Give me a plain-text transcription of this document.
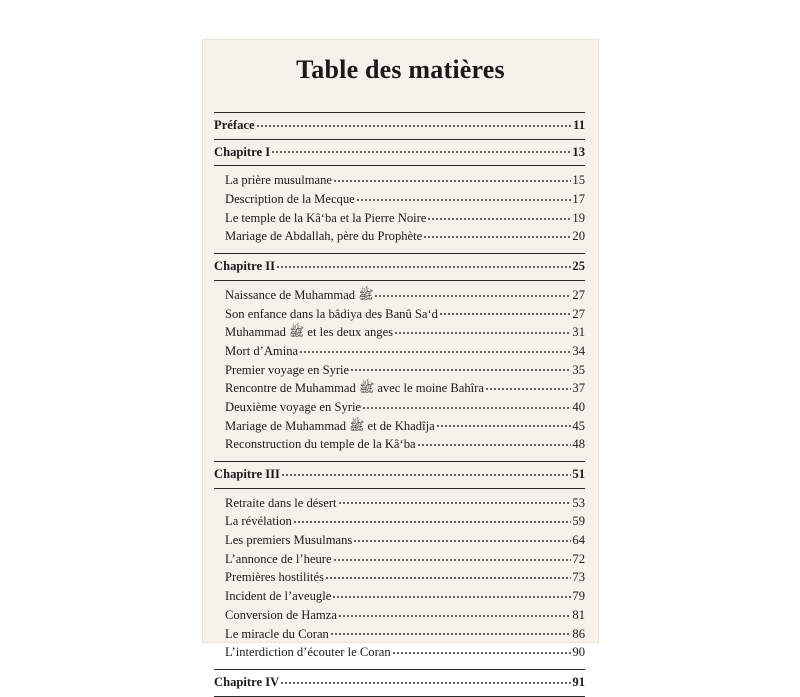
Table des matières
Préface	11
Chapitre I	13
La prière musulmane	15
Description de la Mecque	17
Le temple de la Kâ‘ba et la Pierre Noire	19
Mariage de Abdallah, père du Prophète	20
Chapitre II	25
Naissance de Muhammad ﷺ	27
Son enfance dans la bâdiya des Banû Sa‘d	27
Muhammad ﷺ et les deux anges	31
Mort d’Amina	34
Premier voyage en Syrie	35
Rencontre de Muhammad ﷺ avec le moine Bahîra	37
Deuxième voyage en Syrie	40
Mariage de Muhammad ﷺ et de Khadîja	45
Reconstruction du temple de la Kâ‘ba	48
Chapitre III	51
Retraite dans le désert	53
La révélation	59
Les premiers Musulmans	64
L’annonce de l’heure	72
Premières hostilités	73
Incident de l’aveugle	79
Conversion de Hamza	81
Le miracle du Coran	86
L’interdiction d’écouter le Coran	90
Chapitre IV	91
